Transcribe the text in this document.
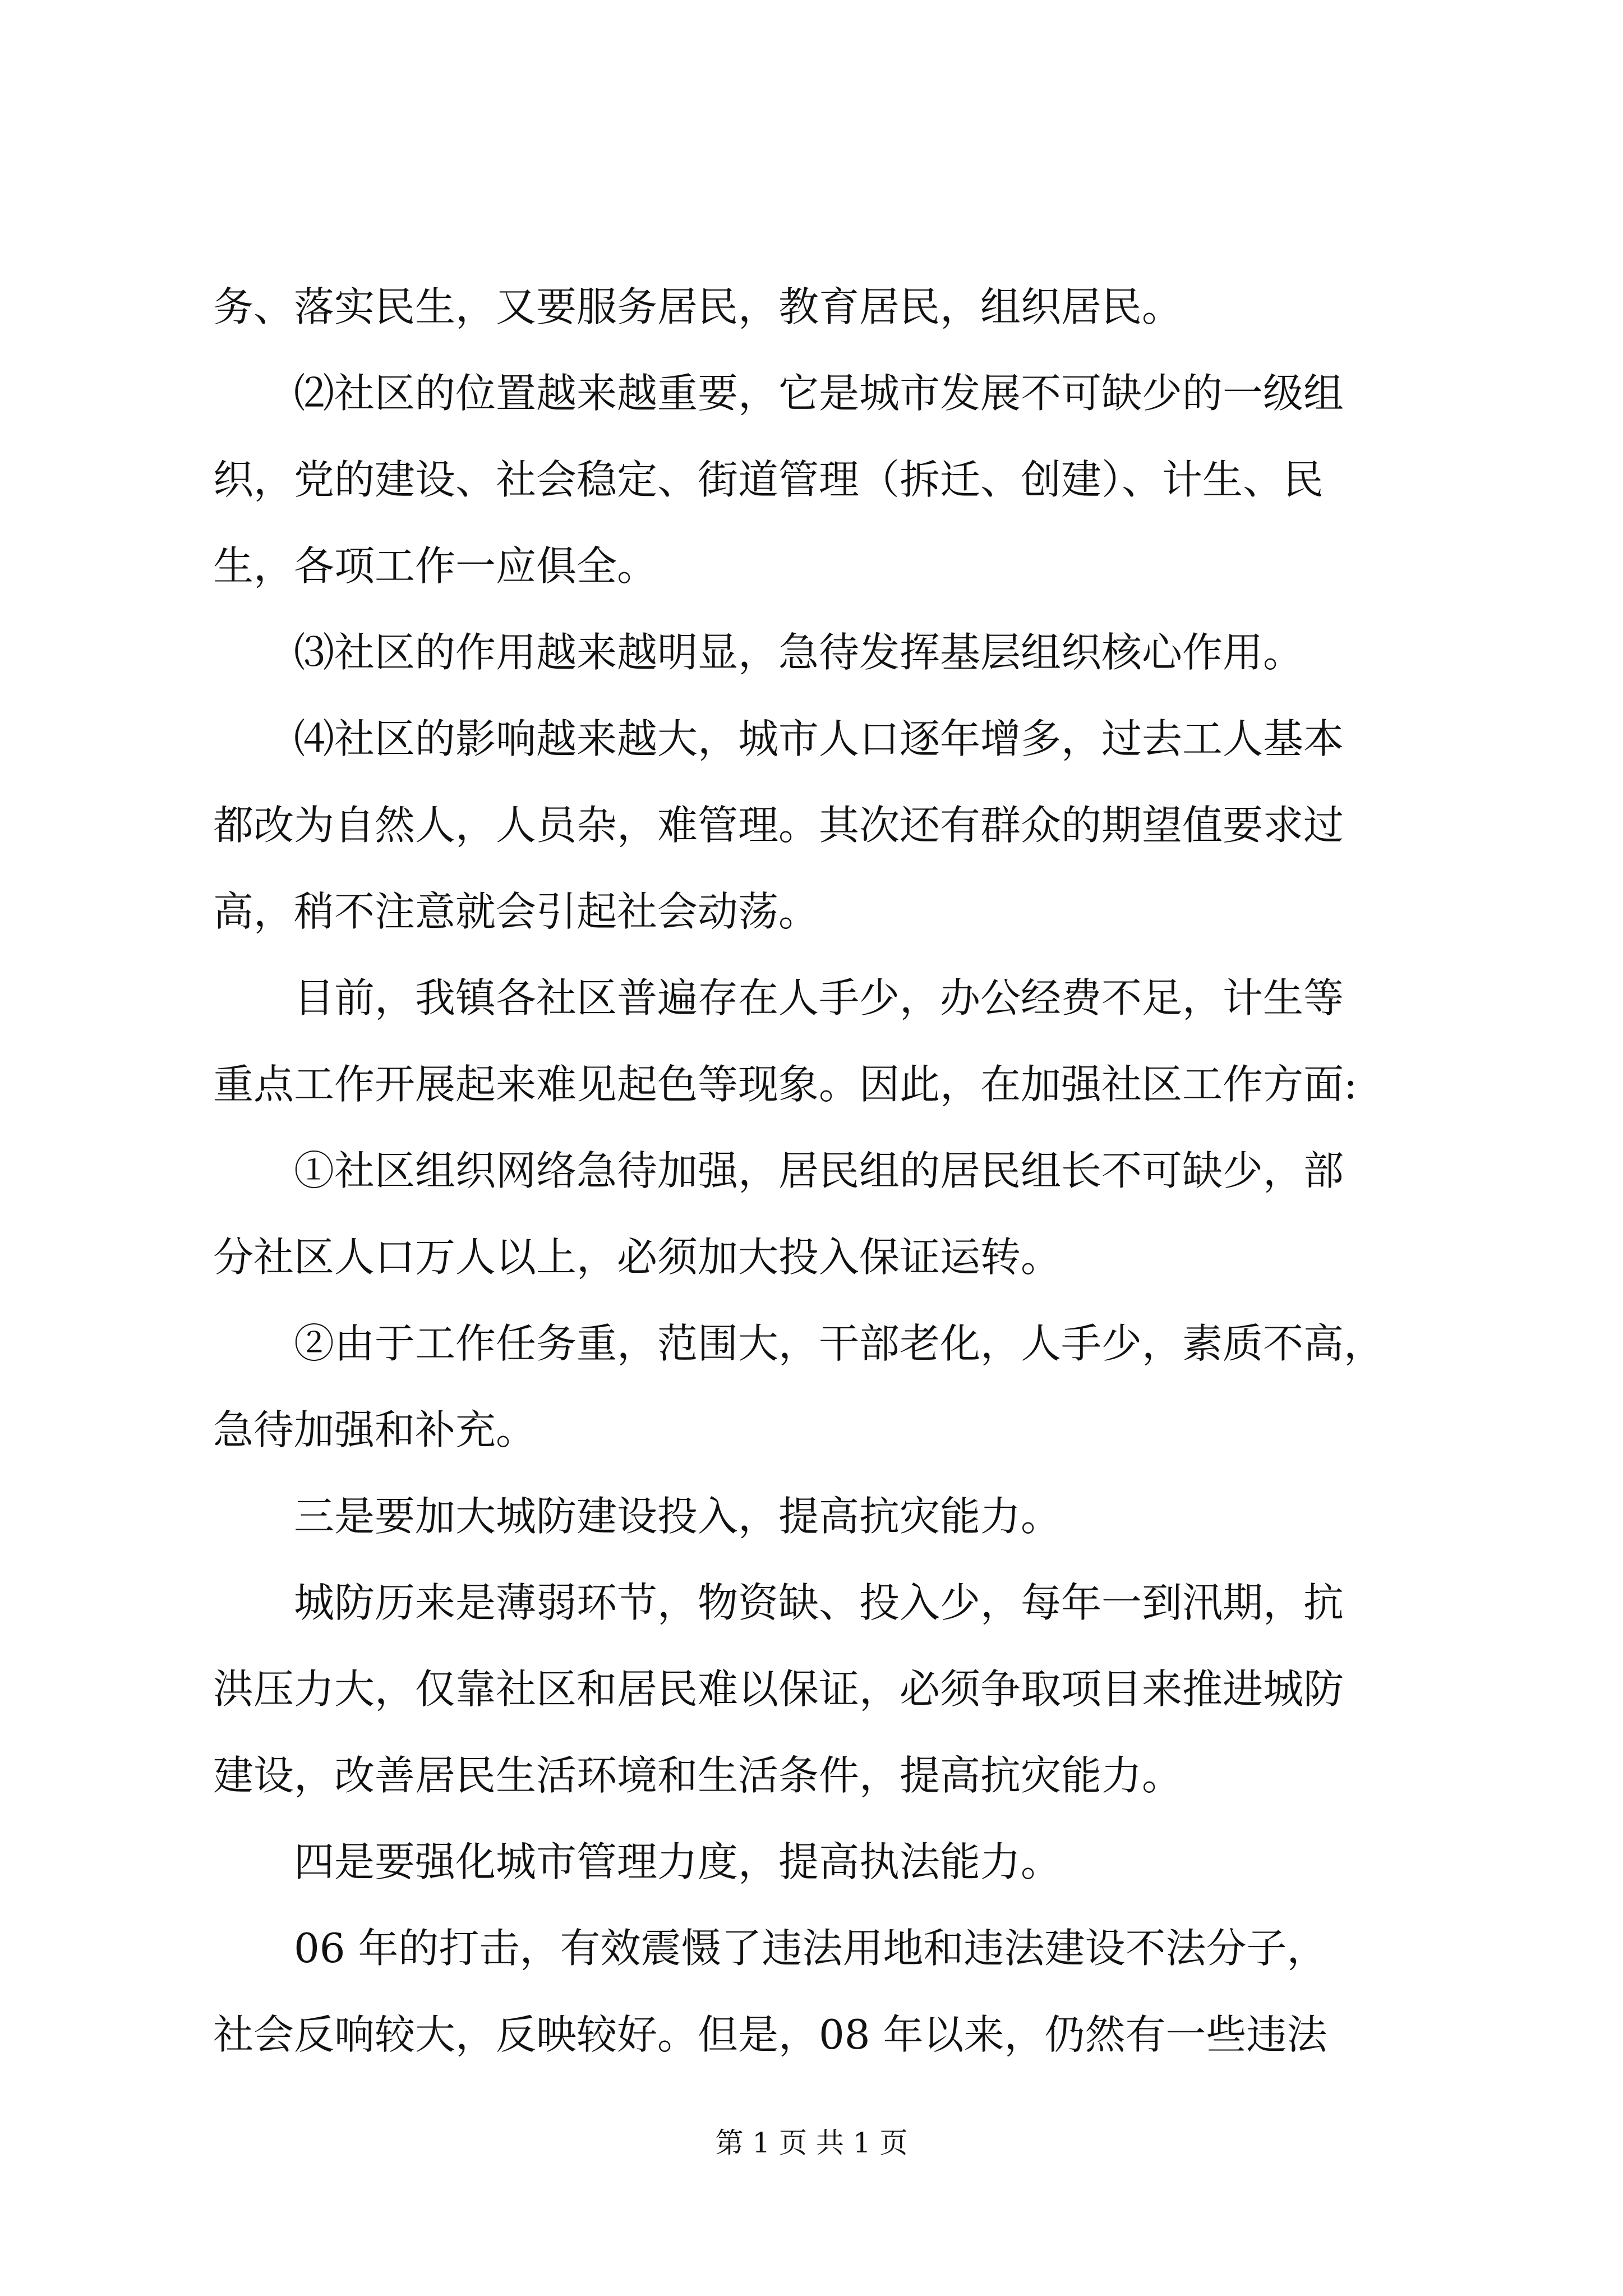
务、落实民生，又要服务居民，教育居民，组织居民。
⑵社区的位置越来越重要，它是城市发展不可缺少的一级组
织，党的建设、社会稳定、街道管理（拆迁、创建）、计生、民
生，各项工作一应俱全。
⑶社区的作用越来越明显，急待发挥基层组织核心作用。
⑷社区的影响越来越大，城市人口逐年增多，过去工人基本
都改为自然人，人员杂，难管理。其次还有群众的期望值要求过
高，稍不注意就会引起社会动荡。
目前，我镇各社区普遍存在人手少，办公经费不足，计生等
重点工作开展起来难见起色等现象。因此，在加强社区工作方面:
①社区组织网络急待加强，居民组的居民组长不可缺少，部
分社区人口万人以上，必须加大投入保证运转。
②由于工作任务重，范围大，干部老化，人手少，素质不高，
急待加强和补充。
三是要加大城防建设投入，提高抗灾能力。
城防历来是薄弱环节，物资缺、投入少，每年一到汛期，抗
洪压力大，仅靠社区和居民难以保证，必须争取项目来推进城防
建设，改善居民生活环境和生活条件，提高抗灾能力。
四是要强化城市管理力度，提高执法能力。
06 年的打击，有效震慑了违法用地和违法建设不法分子，
社会反响较大，反映较好。但是，08 年以来，仍然有一些违法
第 1 页 共 1 页
